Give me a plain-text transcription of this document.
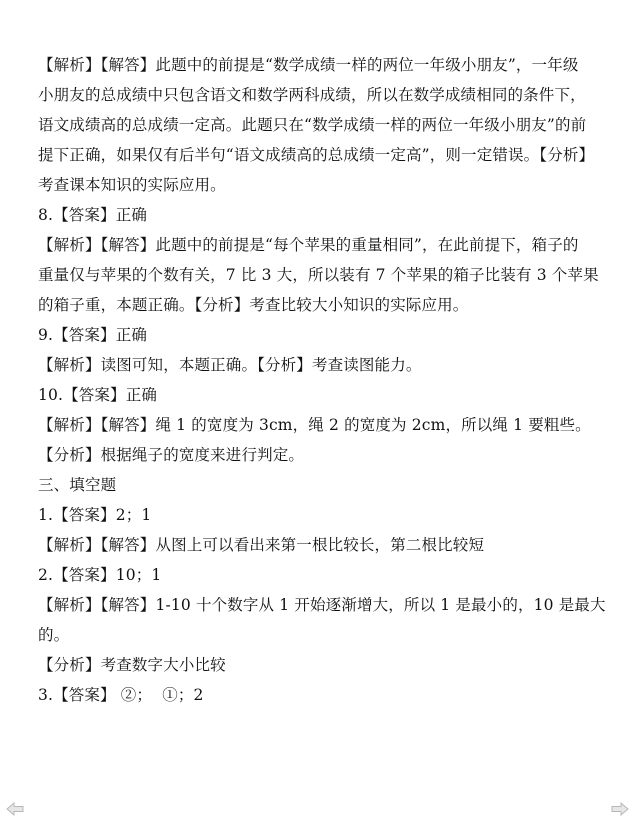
【解析】【解答】此题中的前提是“数学成绩一样的两位一年级小朋友”，一年级
小朋友的总成绩中只包含语文和数学两科成绩，所以在数学成绩相同的条件下，
语文成绩高的总成绩一定高。此题只在“数学成绩一样的两位一年级小朋友”的前
提下正确，如果仅有后半句“语文成绩高的总成绩一定高”，则一定错误。【分析】
考查课本知识的实际应用。
8.【答案】正确
【解析】【解答】此题中的前提是“每个苹果的重量相同”，在此前提下，箱子的
重量仅与苹果的个数有关，7 比 3 大，所以装有 7 个苹果的箱子比装有 3 个苹果
的箱子重，本题正确。【分析】考查比较大小知识的实际应用。
9.【答案】正确
【解析】读图可知，本题正确。【分析】考查读图能力。
10.【答案】正确
【解析】【解答】绳 1 的宽度为 3cm，绳 2 的宽度为 2cm，所以绳 1 要粗些。
【分析】根据绳子的宽度来进行判定。
三、填空题
1.【答案】2；1
【解析】【解答】从图上可以看出来第一根比较长，第二根比较短
2.【答案】10；1
【解析】【解答】1-10 十个数字从 1 开始逐渐增大，所以 1 是最小的，10 是最大
的。
【分析】考查数字大小比较
3.【答案】 ②；  ①；2
